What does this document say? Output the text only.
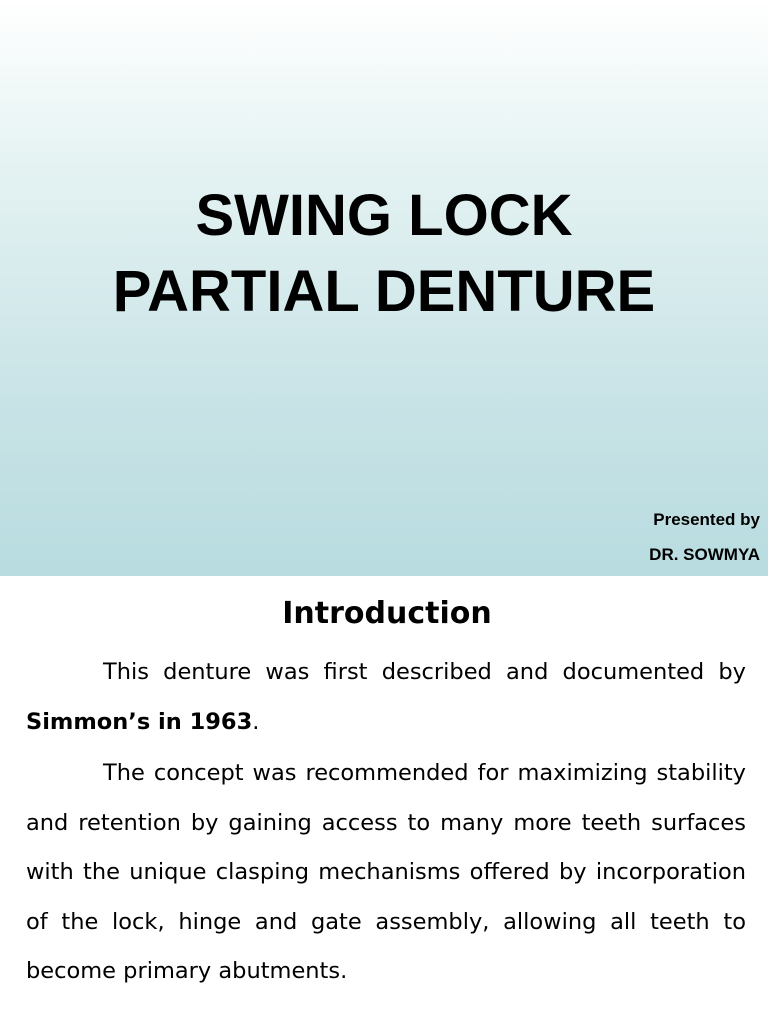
SWING LOCK
PARTIAL DENTURE
Presented by
DR. SOWMYA
Introduction

This denture was first described and documented by Simmon’s in 1963.

The concept was recommended for maximizing stability and retention by gaining access to many more teeth surfaces with the unique clasping mechanisms offered by incorporation of the lock, hinge and gate assembly, allowing all teeth to become primary abutments.
